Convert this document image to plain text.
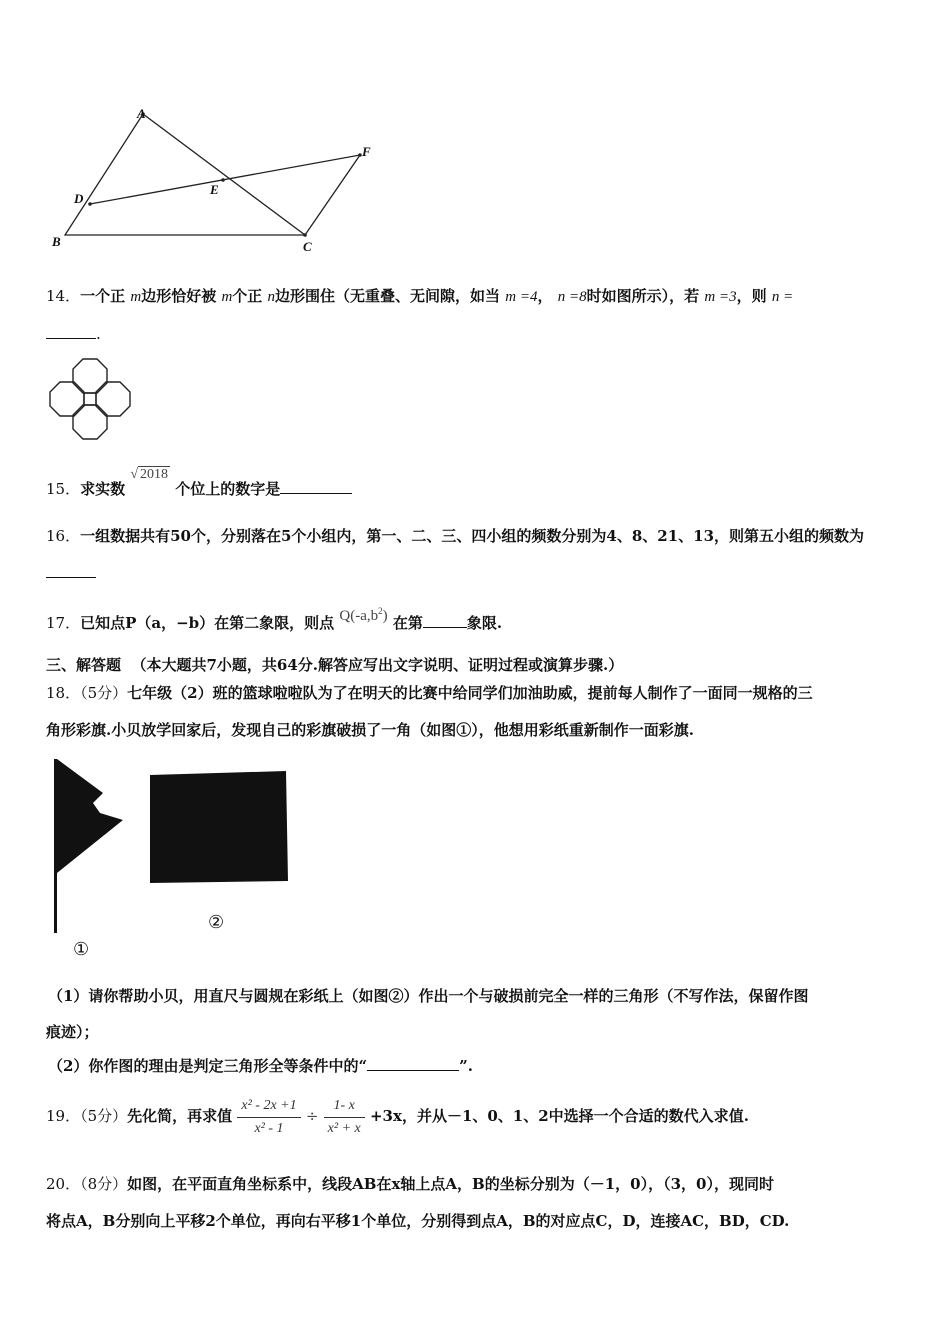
A
F
E
D
B	C
14．一个正 m边形恰好被 m个正 n边形围住（无重叠、无间隙，如当 m =4， n =8时如图所示），若 m =3，则 n =
.
15．求实数 √ 2018 个位上的数字是
16．一组数据共有50个，分别落在5个小组内，第一、二、三、四小组的频数分别为4、8、21、13，则第五小组的频数为
17．已知点P（a，−b）在第二象限，则点 $Q(-a,b^2)$ 在第	象限.
三、解答题 （本大题共7小题，共64分.解答应写出文字说明、证明过程或演算步骤.）
18．（5分）七年级（2）班的篮球啦啦队为了在明天的比赛中给同学们加油助威，提前每人制作了一面同一规格的三
角形彩旗.小贝放学回家后，发现自己的彩旗破损了一角（如图①），他想用彩纸重新制作一面彩旗.
①
②
（1）请你帮助小贝，用直尺与圆规在彩纸上（如图②）作出一个与破损前完全一样的三角形（不写作法，保留作图
痕迹）；
（2）你作图的理由是判定三角形全等条件中的“	”.
19．（5分）先化简，再求值 $\frac{\text{x² - 2x +1}}{\text{x² - 1}} \div \frac{1- x}{\text{x² + x}} +3x$，并从－1、0、1、2中选择一个合适的数代入求值.
20．（8分）如图，在平面直角坐标系中，线段AB在x轴上点A，B的坐标分别为（－1，0），（3，0），现同时
将点A，B分别向上平移2个单位，再向右平移1个单位，分别得到点A，B的对应点C，D，连接AC，BD，CD.
